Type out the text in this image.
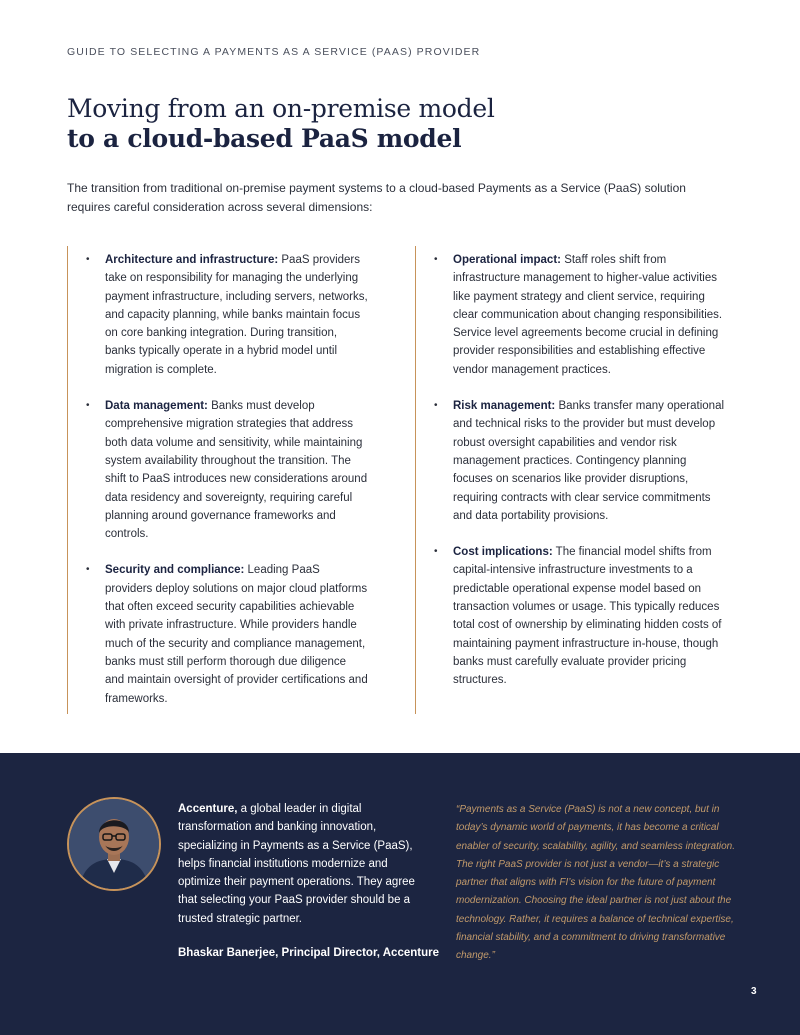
GUIDE TO SELECTING A PAYMENTS AS A SERVICE (PAAS) PROVIDER
Moving from an on-premise model
to a cloud-based PaaS model

The transition from traditional on-premise payment systems to a cloud-based Payments as a Service (PaaS) solution requires careful consideration across several dimensions:

• Architecture and infrastructure: PaaS providers take on responsibility for managing the underlying payment infrastructure, including servers, networks, and capacity planning, while banks maintain focus on core banking integration. During transition, banks typically operate in a hybrid model until migration is complete.
• Data management: Banks must develop comprehensive migration strategies that address both data volume and sensitivity, while maintaining system availability throughout the transition. The shift to PaaS introduces new considerations around data residency and sovereignty, requiring careful planning around governance frameworks and controls.
• Security and compliance: Leading PaaS providers deploy solutions on major cloud platforms that often exceed security capabilities achievable with private infrastructure. While providers handle much of the security and compliance management, banks must still perform thorough due diligence and maintain oversight of provider certifications and frameworks.
• Operational impact: Staff roles shift from infrastructure management to higher-value activities like payment strategy and client service, requiring clear communication about changing responsibilities. Service level agreements become crucial in defining provider responsibilities and establishing effective vendor management practices.
• Risk management: Banks transfer many operational and technical risks to the provider but must develop robust oversight capabilities and vendor risk management practices. Contingency planning focuses on scenarios like provider disruptions, requiring contracts with clear service commitments and data portability provisions.
• Cost implications: The financial model shifts from capital-intensive infrastructure investments to a predictable operational expense model based on transaction volumes or usage. This typically reduces total cost of ownership by eliminating hidden costs of maintaining payment infrastructure in-house, though banks must carefully evaluate provider pricing structures.

Accenture, a global leader in digital transformation and banking innovation, specializing in Payments as a Service (PaaS), helps financial institutions modernize and optimize their payment operations. They agree that selecting your PaaS provider should be a trusted strategic partner.

Bhaskar Banerjee, Principal Director, Accenture

“Payments as a Service (PaaS) is not a new concept, but in today’s dynamic world of payments, it has become a critical enabler of security, scalability, agility, and seamless integration. The right PaaS provider is not just a vendor—it’s a strategic partner that aligns with FI’s vision for the future of payment modernization. Choosing the ideal partner is not just about the technology. Rather, it requires a balance of technical expertise, financial stability, and a commitment to driving transformative change.”

3
